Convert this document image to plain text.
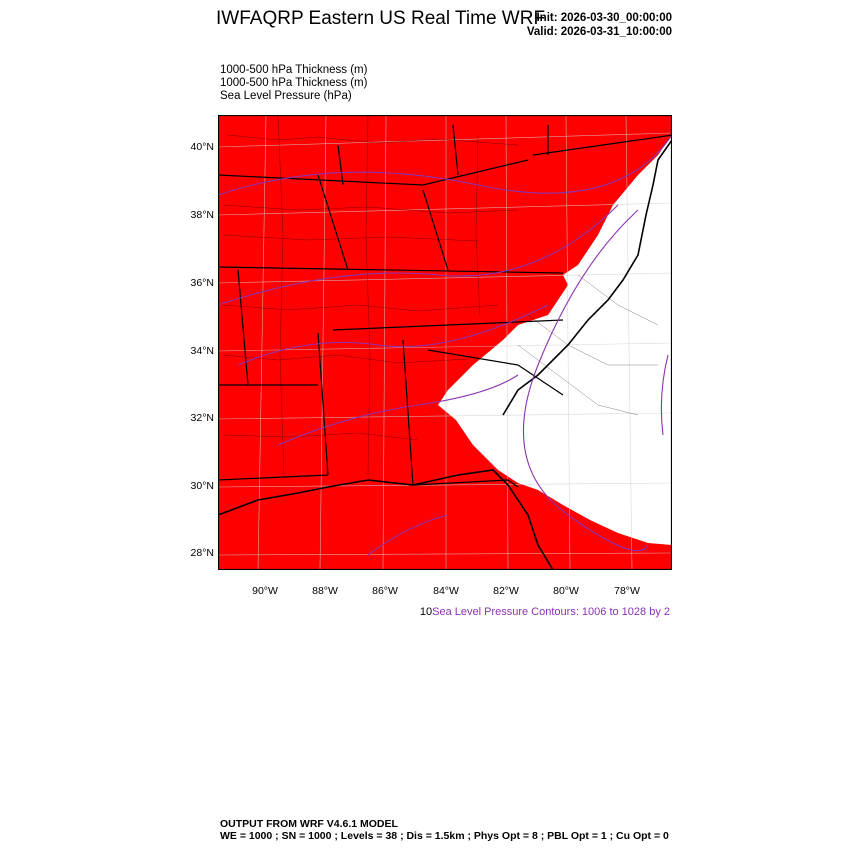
IWFAQRP Eastern US Real Time WRF
Init: 2026-03-30_00:00:00
Valid: 2026-03-31_10:00:00
1000-500 hPa Thickness (m)
1000-500 hPa Thickness (m)
Sea Level Pressure (hPa)
40°N
38°N
36°N
34°N
32°N
30°N
28°N
90°W	88°W	86°W	84°W	82°W	80°W	78°W
10Sea Level Pressure Contours: 1006 to 1028 by 2
OUTPUT FROM WRF V4.6.1 MODEL
WE = 1000 ; SN = 1000 ; Levels = 38 ; Dis = 1.5km ; Phys Opt = 8 ; PBL Opt = 1 ; Cu Opt = 0
